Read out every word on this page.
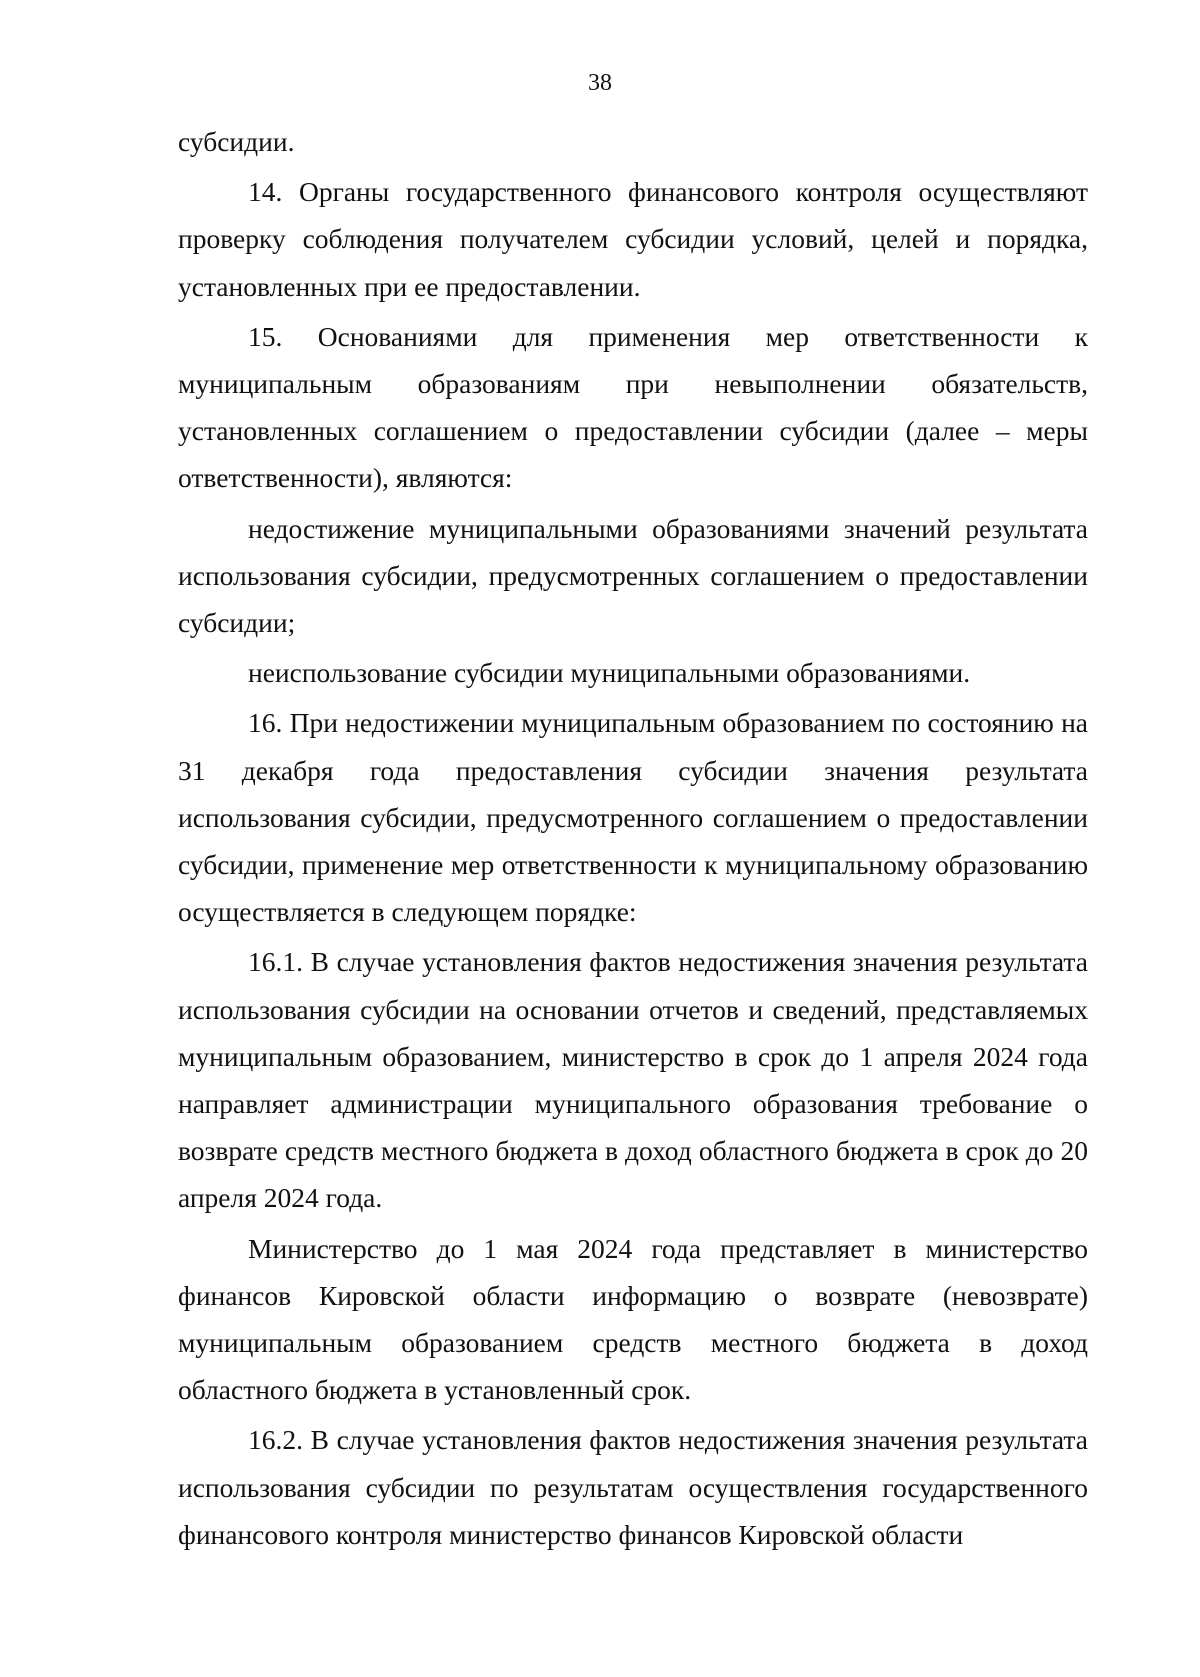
38

субсидии.

14. Органы государственного финансового контроля осуществляют проверку соблюдения получателем субсидии условий, целей и порядка, установленных при ее предоставлении.

15. Основаниями для применения мер ответственности к муниципальным образованиям при невыполнении обязательств, установленных соглашением о предоставлении субсидии (далее – меры ответственности), являются:

недостижение муниципальными образованиями значений результата использования субсидии, предусмотренных соглашением о предоставлении субсидии;

неиспользование субсидии муниципальными образованиями.

16. При недостижении муниципальным образованием по состоянию на 31 декабря года предоставления субсидии значения результата использования субсидии, предусмотренного соглашением о предоставлении субсидии, применение мер ответственности к муниципальному образованию осуществляется в следующем порядке:

16.1. В случае установления фактов недостижения значения результата использования субсидии на основании отчетов и сведений, представляемых муниципальным образованием, министерство в срок до 1 апреля 2024 года направляет администрации муниципального образования требование о возврате средств местного бюджета в доход областного бюджета в срок до 20 апреля 2024 года.

Министерство до 1 мая 2024 года представляет в министерство финансов Кировской области информацию о возврате (невозврате) муниципальным образованием средств местного бюджета в доход областного бюджета в установленный срок.

16.2. В случае установления фактов недостижения значения результата использования субсидии по результатам осуществления государственного финансового контроля министерство финансов Кировской области
